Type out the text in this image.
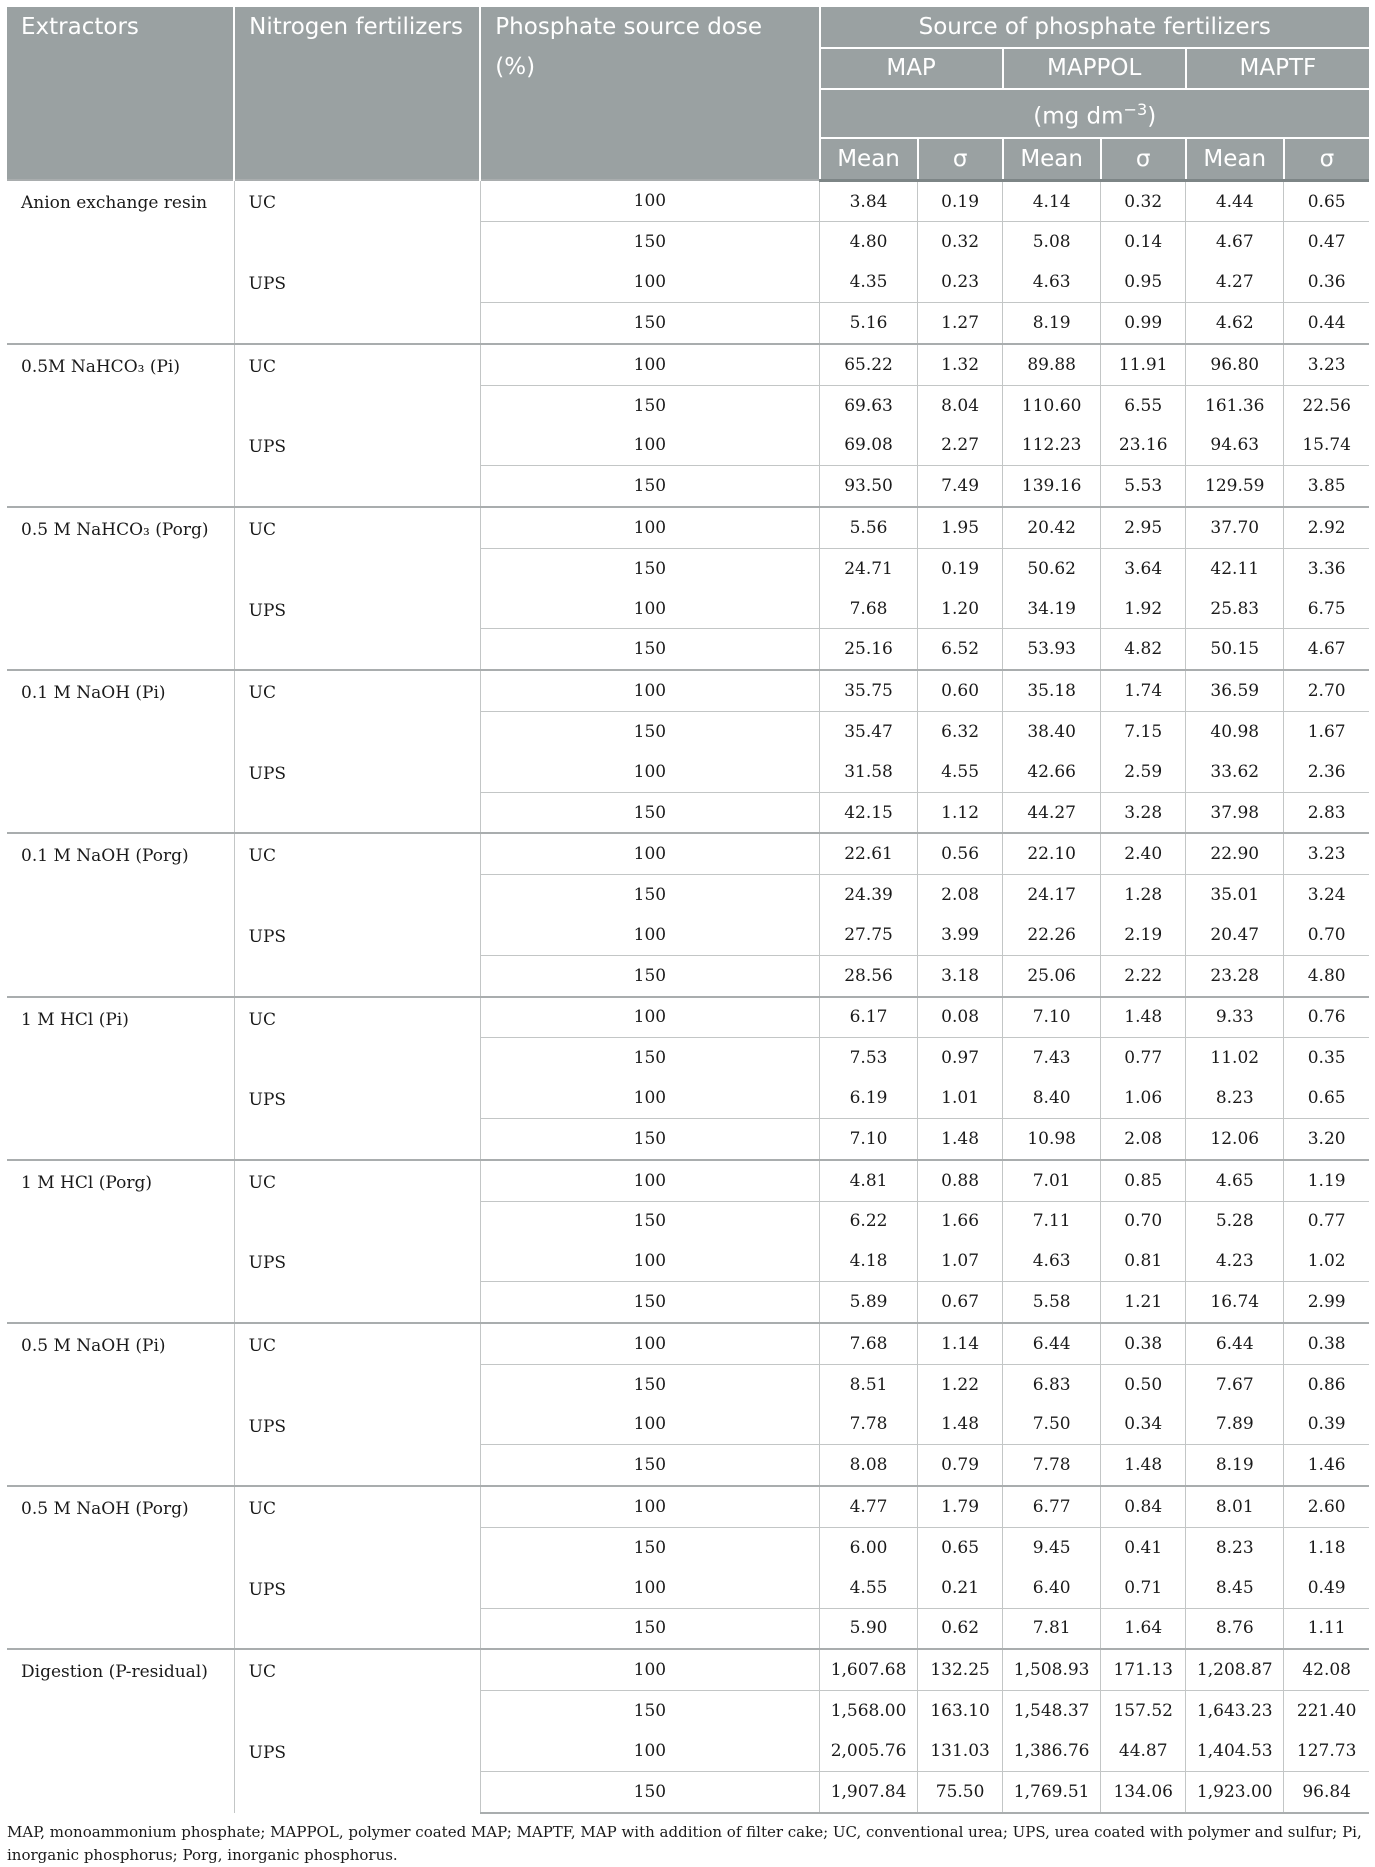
Extractors	Nitrogen fertilizers	Phosphate source dose (%)	Source of phosphate fertilizers					
			MAP		MAPPOL		MAPTF	
			(mg $dm^{-3}$)					
			Mean	σ	Mean	σ	Mean	σ
Anion exchange resin	UC	100	3.84	0.19	4.14	0.32	4.44	0.65
		150	4.80	0.32	5.08	0.14	4.67	0.47
	UPS	100	4.35	0.23	4.63	0.95	4.27	0.36
		150	5.16	1.27	8.19	0.99	4.62	0.44
0.5M NaHCO₃ (Pi)	UC	100	65.22	1.32	89.88	11.91	96.80	3.23
		150	69.63	8.04	110.60	6.55	161.36	22.56
	UPS	100	69.08	2.27	112.23	23.16	94.63	15.74
		150	93.50	7.49	139.16	5.53	129.59	3.85
0.5 M NaHCO₃ (Porg)	UC	100	5.56	1.95	20.42	2.95	37.70	2.92
		150	24.71	0.19	50.62	3.64	42.11	3.36
	UPS	100	7.68	1.20	34.19	1.92	25.83	6.75
		150	25.16	6.52	53.93	4.82	50.15	4.67
0.1 M NaOH (Pi)	UC	100	35.75	0.60	35.18	1.74	36.59	2.70
		150	35.47	6.32	38.40	7.15	40.98	1.67
	UPS	100	31.58	4.55	42.66	2.59	33.62	2.36
		150	42.15	1.12	44.27	3.28	37.98	2.83
0.1 M NaOH (Porg)	UC	100	22.61	0.56	22.10	2.40	22.90	3.23
		150	24.39	2.08	24.17	1.28	35.01	3.24
	UPS	100	27.75	3.99	22.26	2.19	20.47	0.70
		150	28.56	3.18	25.06	2.22	23.28	4.80
1 M HCl (Pi)	UC	100	6.17	0.08	7.10	1.48	9.33	0.76
		150	7.53	0.97	7.43	0.77	11.02	0.35
	UPS	100	6.19	1.01	8.40	1.06	8.23	0.65
		150	7.10	1.48	10.98	2.08	12.06	3.20
1 M HCl (Porg)	UC	100	4.81	0.88	7.01	0.85	4.65	1.19
		150	6.22	1.66	7.11	0.70	5.28	0.77
	UPS	100	4.18	1.07	4.63	0.81	4.23	1.02
		150	5.89	0.67	5.58	1.21	16.74	2.99
0.5 M NaOH (Pi)	UC	100	7.68	1.14	6.44	0.38	6.44	0.38
		150	8.51	1.22	6.83	0.50	7.67	0.86
	UPS	100	7.78	1.48	7.50	0.34	7.89	0.39
		150	8.08	0.79	7.78	1.48	8.19	1.46
0.5 M NaOH (Porg)	UC	100	4.77	1.79	6.77	0.84	8.01	2.60
		150	6.00	0.65	9.45	0.41	8.23	1.18
	UPS	100	4.55	0.21	6.40	0.71	8.45	0.49
		150	5.90	0.62	7.81	1.64	8.76	1.11
Digestion (P-residual)	UC	100	1,607.68	132.25	1,508.93	171.13	1,208.87	42.08
		150	1,568.00	163.10	1,548.37	157.52	1,643.23	221.40
	UPS	100	2,005.76	131.03	1,386.76	44.87	1,404.53	127.73
		150	1,907.84	75.50	1,769.51	134.06	1,923.00	96.84
MAP, monoammonium phosphate; MAPPOL, polymer coated MAP; MAPTF, MAP with addition of filter cake; UC, conventional urea; UPS, urea coated with polymer and sulfur; Pi, inorganic phosphorus; Porg, inorganic phosphorus.
